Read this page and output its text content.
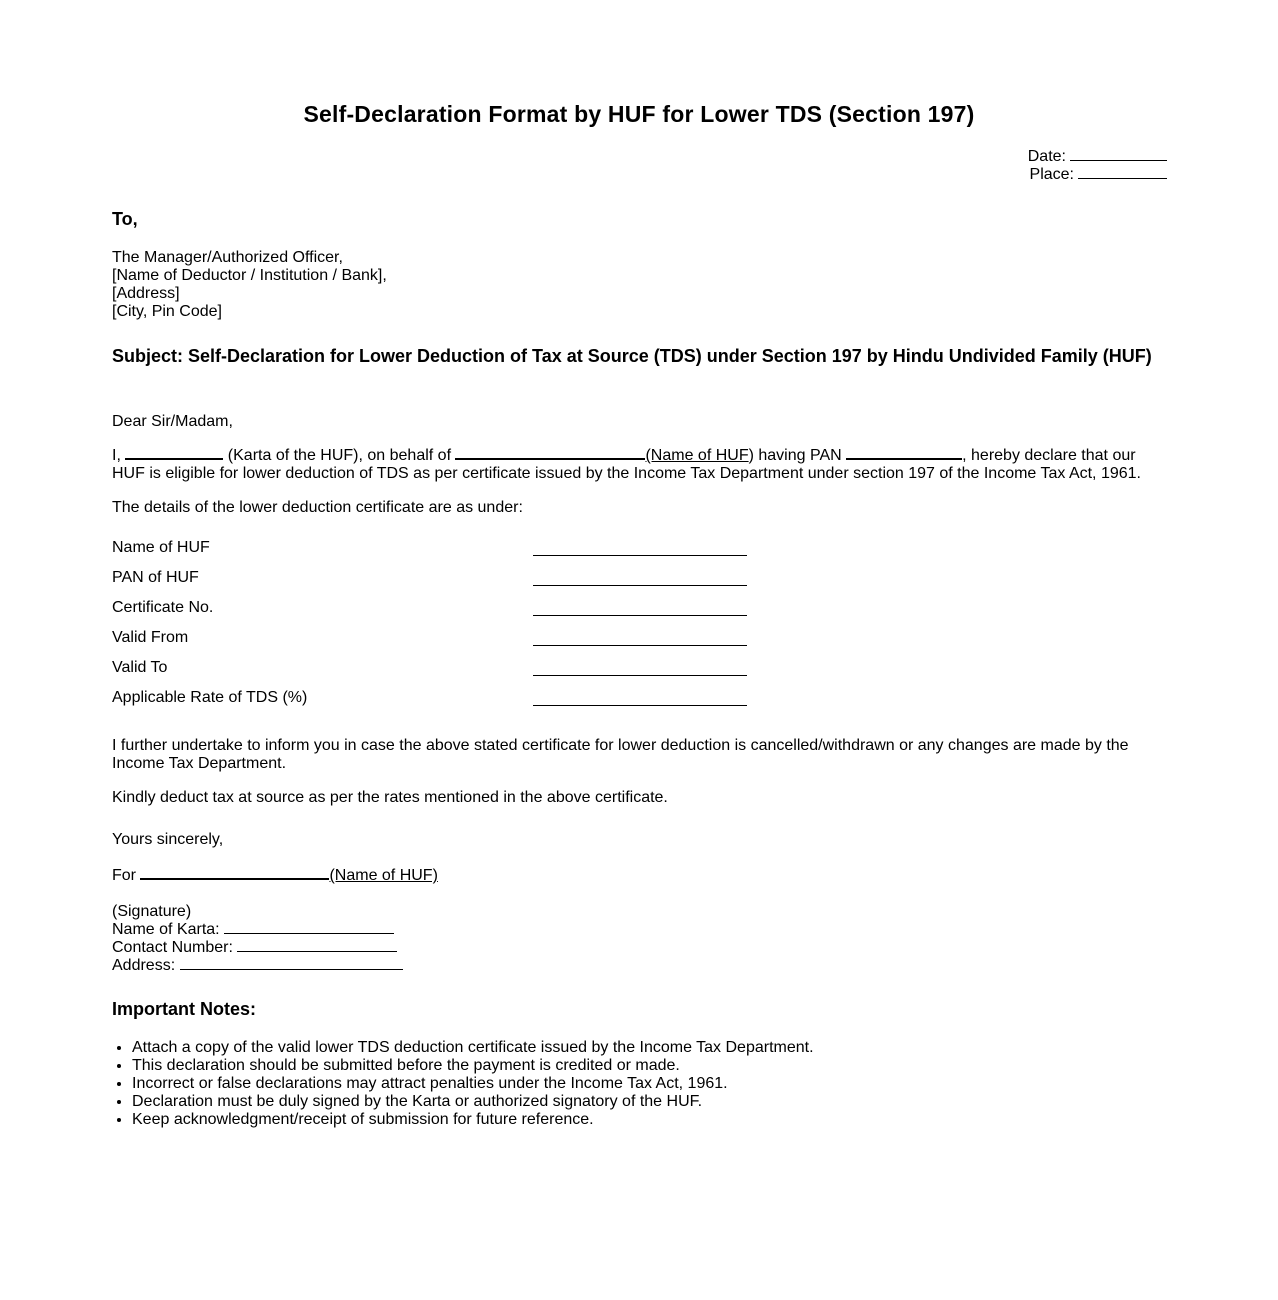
Self-Declaration Format by HUF for Lower TDS (Section 197)
Date:
Place:
To,
The Manager/Authorized Officer,
[Name of Deductor / Institution / Bank],
[Address]
[City, Pin Code]
Subject: Self-Declaration for Lower Deduction of Tax at Source (TDS) under Section 197 by Hindu Undivided Family (HUF)
Dear Sir/Madam,
I,	(Karta of the HUF), on behalf of	(Name of HUF) having PAN	, hereby declare that our HUF is eligible for lower deduction of TDS as per certificate issued by the Income Tax Department under section 197 of the Income Tax Act, 1961.
The details of the lower deduction certificate are as under:
Name of HUF
PAN of HUF
Certificate No.
Valid From
Valid To
Applicable Rate of TDS (%)
I further undertake to inform you in case the above stated certificate for lower deduction is cancelled/withdrawn or any changes are made by the Income Tax Department.
Kindly deduct tax at source as per the rates mentioned in the above certificate.
Yours sincerely,
For	(Name of HUF)
(Signature)
Name of Karta:
Contact Number:
Address:
Important Notes:
• Attach a copy of the valid lower TDS deduction certificate issued by the Income Tax Department.
• This declaration should be submitted before the payment is credited or made.
• Incorrect or false declarations may attract penalties under the Income Tax Act, 1961.
• Declaration must be duly signed by the Karta or authorized signatory of the HUF.
• Keep acknowledgment/receipt of submission for future reference.
